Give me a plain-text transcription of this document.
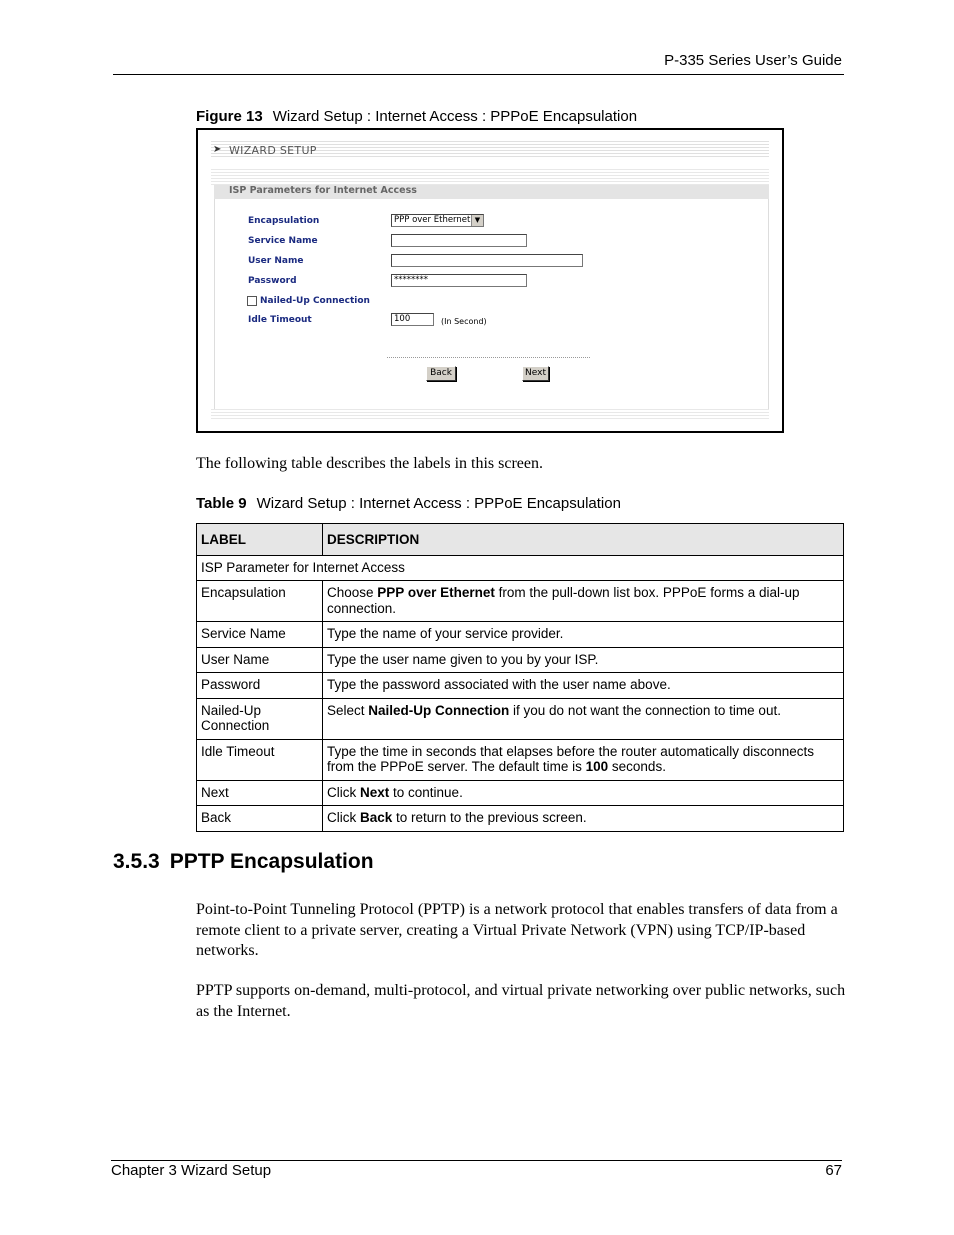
P-335 Series User’s Guide
Figure 13 Wizard Setup : Internet Access : PPPoE Encapsulation
➤ WIZARD SETUP
ISP Parameters for Internet Access
Encapsulation	PPP over Ethernet ▼
Service Name
User Name
Password	********
Nailed-Up Connection
Idle Timeout	100	(In Second)
Back	Next
The following table describes the labels in this screen.
Table 9 Wizard Setup : Internet Access : PPPoE Encapsulation
LABEL	DESCRIPTION
ISP Parameter for Internet Access	
Encapsulation	Choose PPP over Ethernet from the pull-down list box. PPPoE forms a dial-up connection.
Service Name	Type the name of your service provider.
User Name	Type the user name given to you by your ISP.
Password	Type the password associated with the user name above.
Nailed-Up Connection	Select Nailed-Up Connection if you do not want the connection to time out.
Idle Timeout	Type the time in seconds that elapses before the router automatically disconnects from the PPPoE server. The default time is 100 seconds.
Next	Click Next to continue.
Back	Click Back to return to the previous screen.
3.5.3 PPTP Encapsulation
Point-to-Point Tunneling Protocol (PPTP) is a network protocol that enables transfers of data from a remote client to a private server, creating a Virtual Private Network (VPN) using TCP/IP-based networks.
PPTP supports on-demand, multi-protocol, and virtual private networking over public networks, such as the Internet.
Chapter 3 Wizard Setup	67
